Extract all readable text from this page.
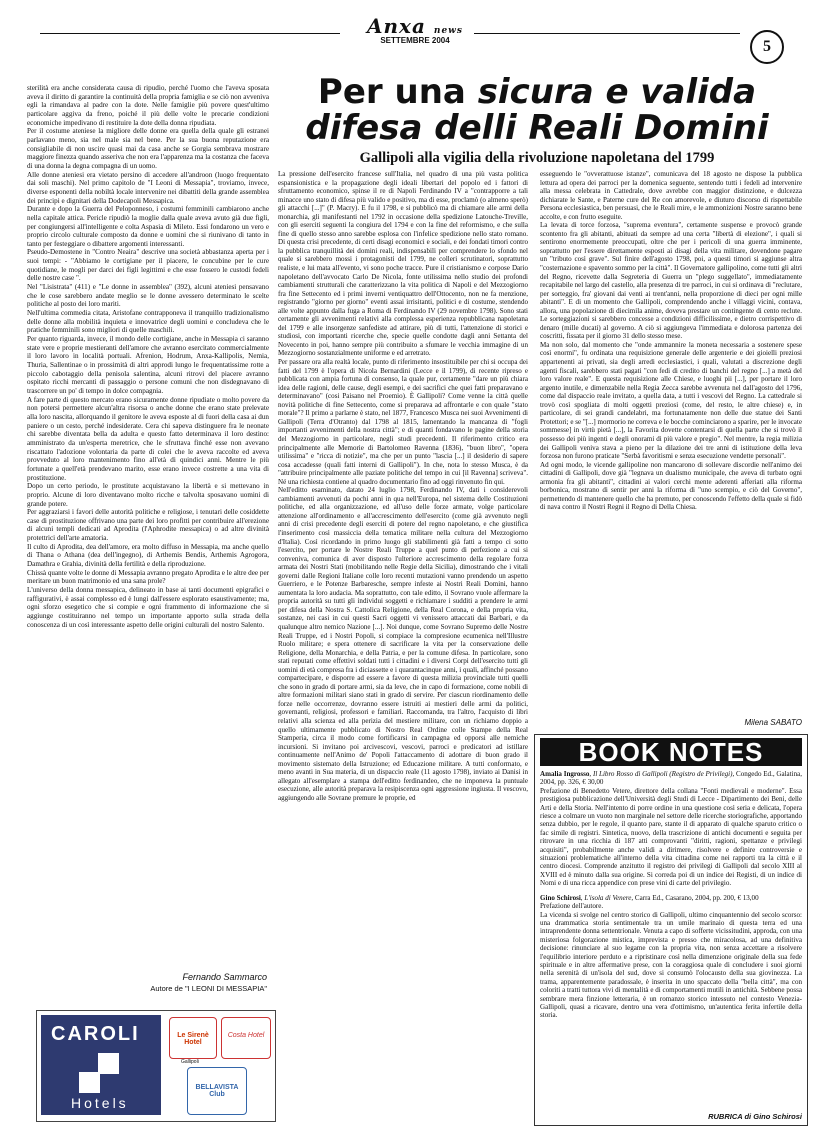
Anxa news
SETTEMBRE 2004	5
Per una sicura e valida
difesa delli Reali Domini
Gallipoli alla vigilia della rivoluzione napoletana del 1799

sterilità era anche considerata causa di ripudio, perché l'uomo che l'aveva sposata aveva il diritto di garantire la continuità della propria famiglia e se ciò non avveniva egli la rimandava al padre con la dote. Nelle famiglie più povere quest'ultimo particolare aggiva da freno, poiché il più delle volte le precarie condizioni economiche impedivano di restituire la dote della donna ripudiata.

Per il costume ateniese la migliore delle donne era quella della quale gli estranei parlavano meno, sia nel male sia nel bene. Per la sua buona reputazione era consigliabile di non uscire quasi mai da casa anche se Gorgia sembrava mostrare maggiore finezza quando asseriva che non era l'apparenza ma la costanza che faceva di una donna la degna compagna di un uomo.

Alle donne ateniesi era vietato persino di accedere all'androon (luogo frequentato dai soli maschi). Nel primo capitolo de "I Leoni di Messapia", troviamo, invece, diverse esponenti della nobiltà locale intervenire nei dibattiti della grande assemblea dei principi e dignitari della Dodecapoli Messapica.

Durante e dopo la Guerra del Peloponneso, i costumi femminili cambiarono anche nella capitale attica. Pericle ripudiò la moglie dalla quale aveva avuto già due figli, per congiungersi all'intelligente e colta Aspasia di Mileto. Essi fondarono un vero e proprio circolo culturale composto da donne e uomini che si riunivano di tanto in tanto per festeggiare o dibattere argomenti interessanti.

Pseudo-Demostene in "Contro Neaira" descrive una società abbastanza aperta per i suoi tempi: - "Abbiamo le cortigiane per il piacere, le concubine per le cure quotidiane, le mogli per darci dei figli legittimi e che esse fossero le custodi fedeli delle nostre case ".

Nel "Lisistrata" (411) e "Le donne in assemblea" (392), alcuni ateniesi pensavano che le cose sarebbero andate meglio se le donne avessero determinato le scelte politiche al posto dei loro mariti.

Nell'ultima commedia citata, Aristofane contrapponeva il tranquillo tradizionalismo delle donne alla mobilità inquieta e innovatrice degli uomini e concludeva che le pratiche femminili sono migliori di quelle maschili.

Per quanto riguarda, invece, il mondo delle cortigiane, anche in Messapia ci saranno state vere e proprie mestieranti dell'amore che avranno esercitato commercialmente il loro lavoro in località portuali. Afrenion, Hodrum, Anxa-Kallipolis, Nemia, Thuria, Sallentinae o in prossimità di altri approdi lungo le frequentatissime rotte a piccolo cabotaggio della penisola salentina, alcuni ritrovi del piacere avranno ospitato ricchi mercanti di passaggio o persone comuni che non disdegnavano di trascorrere un po' di tempo in dolce compagnia.

A fare parte di questo mercato erano sicuramente donne ripudiate o molto povere da non potersi permettere alcun'altra risorsa o anche donne che erano state prelevate alla loro nascita, allorquando il genitore le aveva esposte al di fuori della casa ai dun paniere o un cesto, perché indesiderate. Cera chi sapeva distinguere fra le neonate chi sarebbe diventata bella da adulta e questo fatto determinava il loro destino: amministrato da un'esperta meretrice, che le sfruttava finché esse non avevano riscattato l'adozione volontaria da parte di colei che le aveva raccolte ed aveva provveduto al loro mantenimento fino all'età di quindici anni. Mentre le più fortunate a quell'età prendevano marito, esse erano invece costrette a una vita di prostituzione.

Dopo un certo periodo, le prostitute acquistavano la libertà e si mettevano in proprio. Alcune di loro diventavano molto ricche e talvolta sposavano uomini di grande potere.

Per aggraziarsi i favori delle autorità politiche e religiose, i tenutari delle cosiddette case di prostituzione offrivano una parte dei loro profitti per contribuire all'erezione di alcuni templi dedicati ad Aprodita (l'Aphrodite messapica) o ad altre divinità protettrici dell'arte amatoria.

Il culto di Aprodita, dea dell'amore, era molto diffuso in Messapia, ma anche quello di Thana o Athana (dea dell'ingegno), di Arthemis Bendis, Arthemis Agrogora, Damathra e Grahia, divinità della fertilità e della riproduzione.

Chissà quante volte le donne di Messapia avranno pregato Aprodita e le altre dee per meritare un buon matrimonio ed una sana prole?

L'universo della donna messapica, delineato in base ai tanti documenti epigrafici e raffigurativi, è assai complesso ed è lungi dall'essere esplorato esaustivamente; ma, ogni sforzo esegetico che si compie e ogni frammento di informazione che si aggiunge costituiranno nel tempo un importante apporto sulla strada della conoscenza di un così interessante aspetto delle origini culturali del nostro Salento.

Fernando Sammarco
Autore de "I LEONI DI MESSAPIA"
CAROLI
Hotels
Le Sirenè Hotel
Costa Hotel
BELLAVISTA Club
Gallipoli

La pressione dell'esercito francese sull'Italia, nel quadro di una più vasta politica espansionistica e la propagazione degli ideali libertari del popolo ed i fattori di sfruttamento economico, spinse il re di Napoli Ferdinando IV a "contrapporre a tali minacce uno stato di difesa più valido e positivo, ma di esse, proclamò (o almeno sperò) gli attacchi [...]" (P. Macry). E fu il 1798, e si pubblicò ma di chiamare alle armi della monarchia, gli manifestanti nel 1792 in occasione della spedizione Latouche-Treville, con gli eserciti seguenti la congiura del 1794 e con la fine del reformismo, e che sulla fine di quello stesso anno sarebbe esplosa con l'infelice spedizione nello stato romano. Di questa crisi precedente, di certi disagi economici e sociali, e dei fondati timori contro la pubblica tranquillità dei domini reali, indispensabili per comprendere lo sfondo nel quale si sarebbero mossi i protagonisti del 1799, ne colleri scrutinatori, soprattutto realiste, e lui mata all'evento, vi sono poche tracce. Pure il cristianismo e corpose Dario napoletano dell'avvocato Carlo De Nicola, fonte utilissima nello studio dei profondi cambiamenti strutturali che caratterizzano la vita politica di Napoli e del Mezzogiorno fra fine Settecento ed i primi inverni ventiquattro dell'Ottocento, non ne fa menzione, registrando "giorno per giorno" eventi assai irrisitanti, politici e di costume, stendendo alle volte appunto dalla fuga a Roma di Ferdinando IV (29 novembre 1798). Sono stati certamente gli avvenimenti relativi alla complessa esperienza repubblicana napoletana del 1799 e alle insorgenze sanfediste ad attirare, più di tutti, l'attenzione di storici e studiosi, con importanti ricerche che, specie quelle condotte dagli anni Settanta del Novecento in poi, hanno sempre più contribuito a sfumare le vecchia immagine di un Mezzogiorno sostanzialmente uniforme e ed arretrato.

Per passare ora alla realtà locale, punto di riferimento insostituibile per chi si occupa dei fatti del 1799 è l'opera di Nicola Bernardini (Lecce e il 1799), di recente ripreso e pubblicata con ampia fortuna di consenso, la quale pur, certamente "dare un più chiara idea delle ragioni, delle cause, degli esempi, e dei sacrifici che quei fatti preparavano e determinavano" (cosi Paisano nel Proemio). È Gallipoli? Come venne la città quelle novità politiche di fine Settecento, come si preparava ad affrontarle e con quale "stato morale"? Il primo a parlarne è stato, nel 1877, Francesco Musca nei suoi Avvenimenti di Gallipoli (Terra d'Otranto) dal 1798 al 1815, lamentando la mancanza di "fogli importanti avvenimenti della nostra città"; e di quanti fondavano le pagine della storia del Mezzogiorno in particolare, negli studi precedenti. Il riferimento critico era principalmente alle Memorie di Bartolomeo Ravenna (1836), "buon libro", "opera utilissima" e "ricca di notizie", ma che per un punto "lascia [...] il desiderio di sapere cosa accadesse (quali fatti interni di Gallipoli"). In che, nota lo stesso Musca, è da "attribuire principalmente alle paziate politiche del tempo in cui [il Ravenna] scriveva". Né una richiesta contiene al quadro documentario fino ad oggi rinvenuto fin qui.

Nell'editto esaminato, datato 24 luglio 1798, Ferdinando IV, dati i considerevoli cambiamenti avvenuti da pochi anni in qua nell'Europa, nel sistema delle Costituzioni politiche, ed alla organizzazione, ed all'uso delle forze armate, volge particolare attenzione all'ordinamento e all'accrescimento dell'esercito (come già avvenuto negli anni di crisi precedente degli eserciti di potere del regno napoletano, e che giustifica l'inserimento così massiccia della tematica militare nella cultura del Mezzogiorno d'Italia). Così ricordando in primo luogo gli stabilimenti già fatti a tempo ci sotto l'esercito, per portare le Nostre Reali Truppe a quel punto di perfezione a cui si conveniva, comunica di aver disposto l'ulteriore accrescimento della regolare forza armata dei Nostri Stati (mobilitando nelle Regie della Sicilia), dimostrando che i vitali governi dalle Regioni Italiane colle loro recenti mutazioni vanno prendendo un aspetto Guerriero, e le Potenze Barbaresche, sempre infeste ai Nostri Reali Domini, hanno aumentata la loro audacia. Ma soprattutto, con tale editto, il Sovrano vuole affermare la propria autorità su tutti gli individui soggetti e richiamare i sudditi a prendere le armi per difesa della Nostra S. Cattolica Religione, della Real Corona, e della propria vita, sostanze, nei casi in cui questi Sacri oggetti vi venissero attaccati dai Barbari, e da qualunque altro nemico Nazione [...]. Noi dunque, come Sovrano Supremo delle Nostre Reali Truppe, ed i Nostri Popoli, si compiace la compresione ecumenica nell'Illustre Ruolo militare; e spera ottenere di sacrificare la vita per la conservazione delle Religione, della Monarchia, e della Patria, e per la comune difesa. In particolare, sono stati reputati come effettivi soldati tutti i cittadini e i diversi Corpi dell'esercito tutti gli uomini di età compresa fra i diciassette e i quarantacinque anni, i quali, affinché possano compartecipare, e disporre ad essere a favore di questa milizia provinciale tutti quelli che sono in grado di portare armi, sia da leve, che in capo di formazione, come nobili di altre formazioni militari siano stati in grado di servire. Per ciascun riordinamento delle forze nelle occorrenze, dovranno essere istruiti ai mestieri delle armi da politici, governanti, religiosi, professori e familiari. Raccomanda, tra l'altro, l'acquisto di libri relativi alla scienza ed alla perizia del mestiere militare, con un richiamo doppio a quello ultimamente pubblicato di Nostro Real Ordine colle Stampe della Real Stamperia, circa il modo come fortificarsi in campagna ed opporsi alle nemiche incursioni. Si invitano poi arcivescovi, vescovi, parroci e predicatori ad istillare continuamente nell'Animo de' Popoli l'attaccamento di adottare di buon grado il movimento sistemato della Istruzione; ed Educazione militare. A tutti conformato, e meno avanti in Sua materia, di un dispaccio reale (11 agosto 1798), inviato ai Danisi in allegato all'esemplare a stampa dell'editto ferdinandeo, che ne imponeva la puntuale esecuzione, alle autorità preparava la resipiscenza ogni aggressione ingiusta. Il vescovo, aggiungendo alle Sovrane premure le proprie, ed

esseguendo le "ovverattuose istanze", comunicava del 18 agosto ne dispose la pubblica lettura ad opera dei parroci per la domenica seguente, sentendo tutti i fedeli ad intervenire alla messa celebrata in Cattedrale, dove avrebbe con maggior distinzione, e dulcezza dichiarate le Sante, e Paterne cure del Re con amorevole, e diuturo discorso di rispettabile Persona ecclesiastica, ben persuasi, che le Reali mire, e le ammonizioni Nostre saranno bene accolte, e con frutto eseguite.

La levata di torce forzosa, "suprema eventura", certamente suspense e provocò grande scontento fra gli abitanti, abituati da sempre ad una certa "libertà di elezione", i quali si sentirono enormemente preoccupati, oltre che per i pericoli di una guerra imminente, soprattutto per l'essere direttamente esposti ai disagi della vita militare, dovendone pagare un "tributo così grave". Sul finire dell'agosto 1798, poi, a questi timori si aggiunse altra "costernazione e spavento sommo per la città". Il Governatore gallipolino, come tutti gli altri del Regno, ricevette dalla Segreteria di Guerra un "plego suggellato", immediatamente recapitabile nel largo del castello, alla presenza di tre parroci, in cui si ordinava di "reclutare, per sorteggio, fra' giovani dai venti ai trent'anni, nella proporzione di dieci per ogni mille abitanti". E di un momento che Gallipoli, comprendendo anche i villaggi vicini, contava, allora, una popolazione di diecimila anime, doveva prestare un contingente di cento reclute. Le sorteggiazioni si sarebbero concesse a condizioni difficilissime, e dietro corrispettivo di denaro (mille ducati) al governo. A ciò si aggiungeva l'immediata e dolorosa partenza dei coscritti, fissata per il giorno 31 dello stesso mese.

Ma non solo, dal momento che "onde ammannire la moneta necessaria a sostenere spese così enormi", fu ordinata una requisizione generale delle argenterie e dei gioielli preziosi appartenenti ai privati, sia degli arredi ecclesiastici, i quali, valutati a discrezione degli agenti fiscali, sarebbero stati pagati "con fedi di credito di banchi del regno [...] a metà del loro valore reale". E questa requisizione alle Chiese, e luoghi pii [...], per portare il loro argento inutile, e dimenzabile nella Regia Zecca sarebbe avvenuta nel dall'agosto del 1796, come dal dispaccio reale invitato, a quella data, a tutti i vescovi del Regno. La cattedrale si trovò così spogliata di molti oggetti preziosi (come, del resto, le altre chiese) e, in particolare, di sei grandi candelabri, ma fortunatamente non delle due statue dei Santi Protettori; e se "[...] mormorio ne correva e le bocche cominciarono a sparire, per le invocate sommesse] in virtù pietà [...], la Favorita dovette contentarsi di quella parte che si trovò il possesso dei più ingenti e degli onorami di più valore e pregio". Nel mentre, la regia milizia dei Gallipoli veniva stava a pieno per la dilazione dei tre anni di istituzione della leva forzosa non furono praticate "Serbà favoritismi e senza esecuzione vendette personali".

Ad ogni modo, le vicende gallipoline non mancarono di sollevare discordie nell'animo dei cittadini di Gallipoli, dove già "legnava un dualismo municipale, che aveva di turbato ogni armonia fra gli abitanti", cittadini ai valori cerchi mente aderenti afferiati alla riforma borbonica, mostrano di sentir per anni la riforma di "uno scempio, e ciò del Governo", permettendo di mantenere quello che ha premuto, per conoscendo l'effetto della quale si fidò di nava contro il Nostri Regni il Regno di Della Chiesa.

Milena SABATO
BOOK NOTES

Amalia Ingrosso, Il Libro Rosso di Gallipoli (Registro de Privilegi), Congedo Ed., Galatina, 2004, pp. 326, € 30,00

Prefazione di Benedetto Vetere, direttore della collana "Fonti medievali e moderne". Essa prestigiosa pubblicazione dell'Università degli Studi di Lecce - Dipartimento dei Beni, delle Arti e della Storia. Nell'intento di porre ordine in una questione così seria e delicata, l'opera riesce a colmare un vuoto non marginale nel settore delle ricerche storiografiche, apportando senza dubbio, per le regole, il quanto pare, stante il di apparato di qualche sparuto critico o fac simile di registri. Sintetica, nuovo, della trascrizione di antichi documenti e seguita per ritrovare in una ricchia di 187 atti comprovanti "diritti, ragioni, spettanze e privilegi acquisiti", probabilmente anche validi a dirimere, risolvere e definire controversie e situazioni problematiche all'interno della vita cittadina come nei rapporti tra la città e il centro diocesi. Comprende anzitutto il registro dei privilegi di Gallipoli dal secolo XIII al XVIII ed è minuto dalla sua origine. Si correda poi di un indice dei Registi, di un indice di Nomi e di una ricca appendice con prese vini di carte del privilegio.

Gino Schirosi, L'isola di Venere, Carra Ed., Casarano, 2004, pp. 200, € 13,00

Prefazione dell'autore.

La vicenda si svolge nel centro storico di Gallipoli, ultimo cinquantennio del secolo scorso: una drammatica storia sentimentale tra un umile marinaio di questa terra ed una intraprendente donna settentrionale. Venuta a capo di sofferte vicissitudini, approda, con una misteriosa folgorazione mistica, imprevista e presso che miracolosa, ad una definitiva decisione: rinunciare al suo legame con la propria vita, non senza accettare a risolvere l'equilibrio interiore perduto e a ripristinare così nella dimenzione originale della sua fede spirituale e in altre affermative prese, con la coraggiosa quale di concludere i suoi giorni nella serenità di un'isola del sud, dove si consumò l'olocausto della sua giovinezza. La trama, apparentemente paradossale, è inserita in uno spaccato della "bella città", ma con coloriti a tratti tuttora vivi di mentalità e di comportamenti mutili in antichità. Sebbene possa sembrare mera finzione letteraria, è un romanzo storico intessuto nel contesto Venezia-Gallipoli, quasi a ricavare, dentro una vera d'ottimismo, un'autentica ferita infertile della storia.

RUBRICA di Gino Schirosi
